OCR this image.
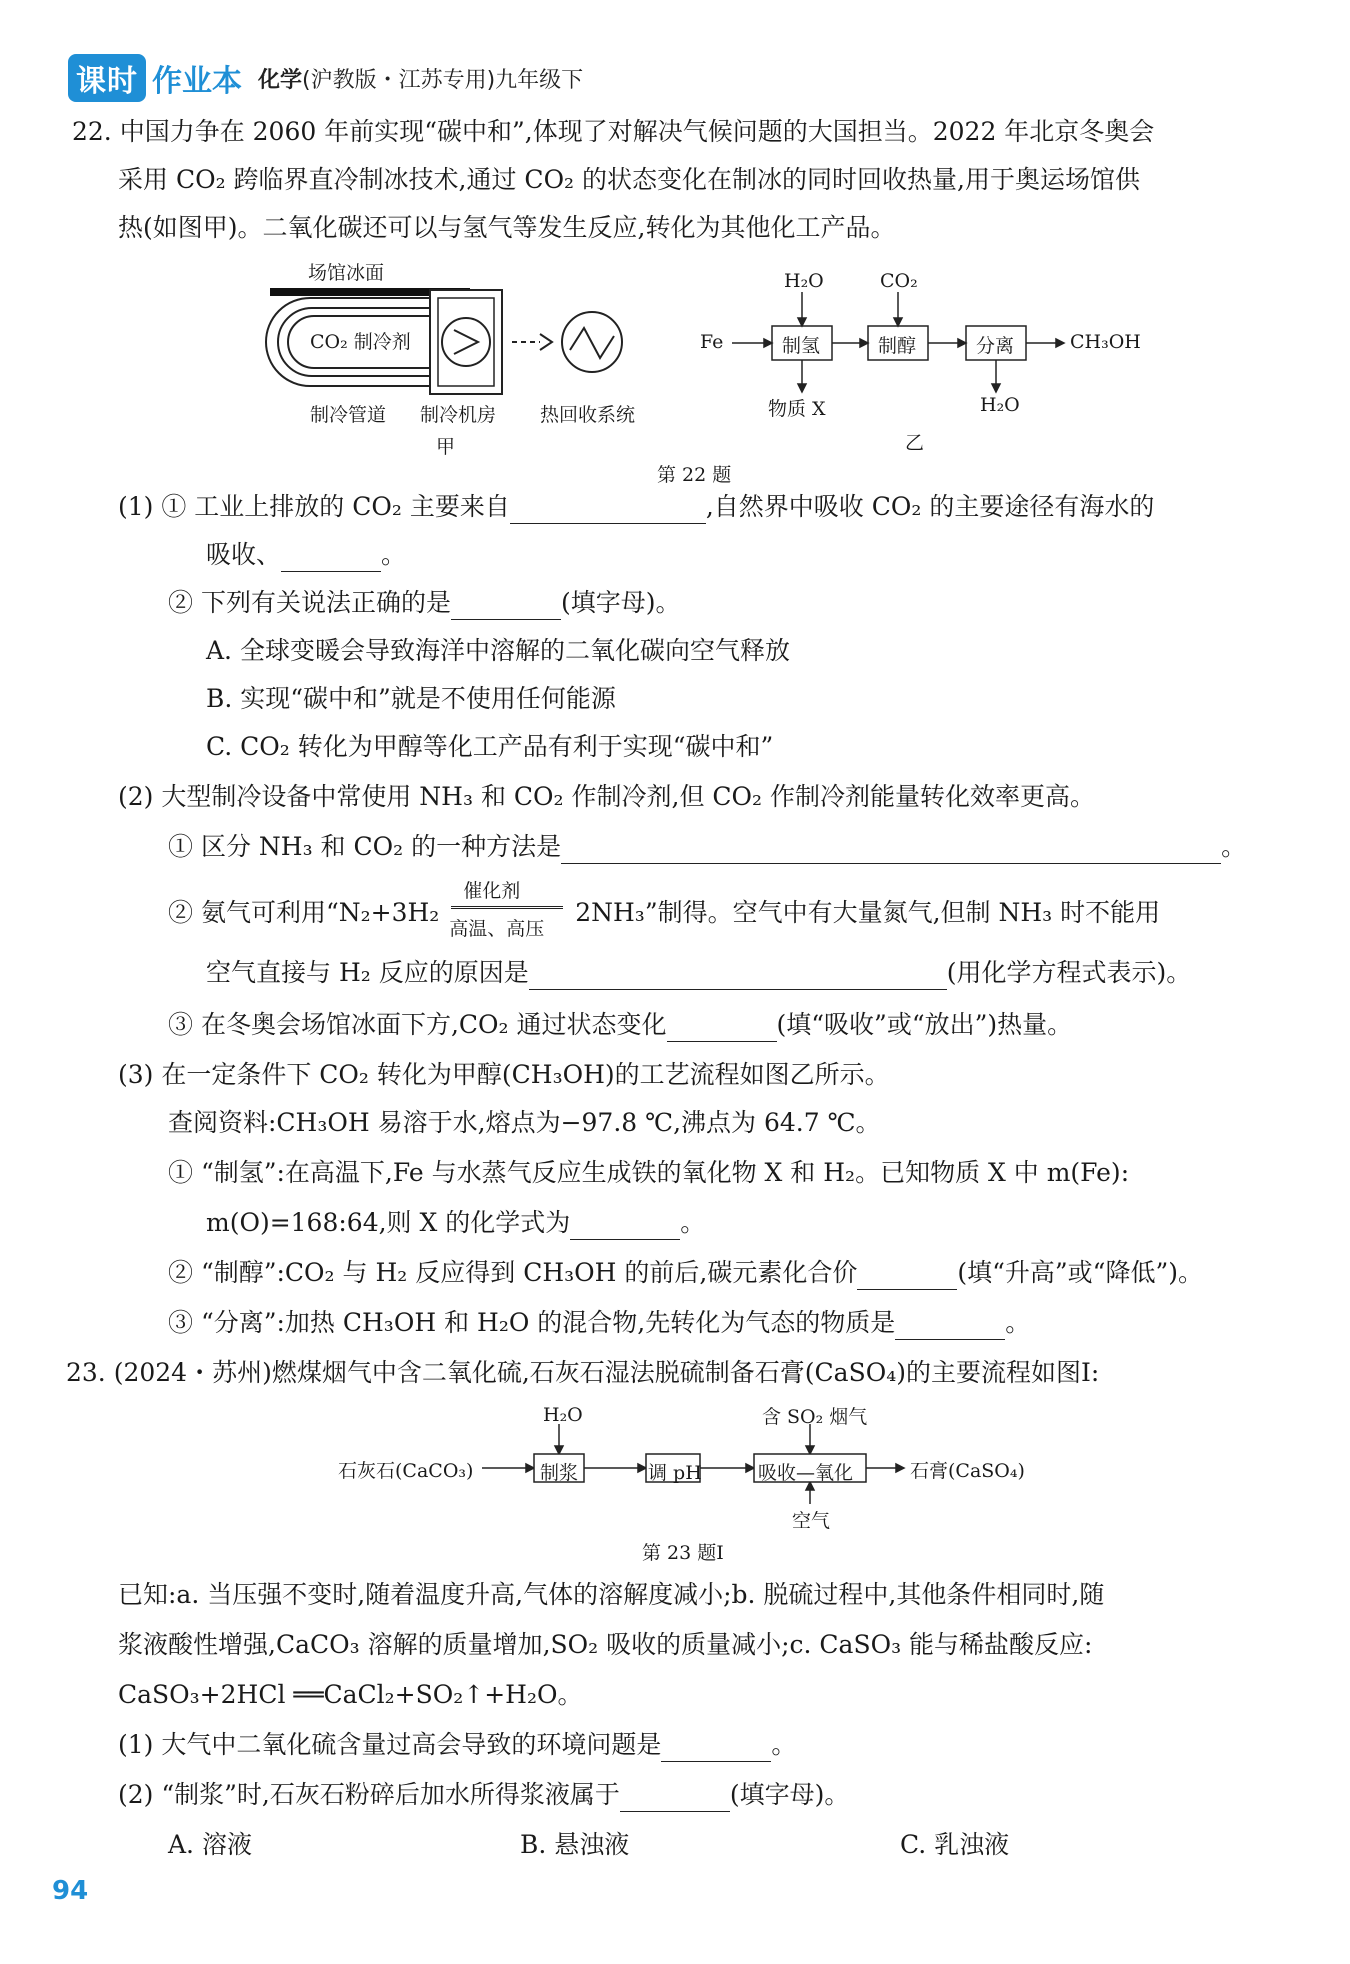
课时 作业本 化学(沪教版・江苏专用)九年级下
22. 中国力争在 2060 年前实现“碳中和”,体现了对解决气候问题的大国担当。2022 年北京冬奥会
采用 CO₂ 跨临界直冷制冰技术,通过 CO₂ 的状态变化在制冰的同时回收热量,用于奥运场馆供
热(如图甲)。二氧化碳还可以与氢气等发生反应,转化为其他化工产品。
场馆冰面
CO₂ 制冷剂
制冷管道 制冷机房 热回收系统
甲
Fe
H₂O	CO₂
制氢	制醇	分离	CH₃OH
物质 X	H₂O
乙
第 22 题
(1) ① 工业上排放的 CO₂ 主要来自	,自然界中吸收 CO₂ 的主要途径有海水的
吸收、	。
② 下列有关说法正确的是	(填字母)。
A. 全球变暖会导致海洋中溶解的二氧化碳向空气释放
B. 实现“碳中和”就是不使用任何能源
C. CO₂ 转化为甲醇等化工产品有利于实现“碳中和”
(2) 大型制冷设备中常使用 NH₃ 和 CO₂ 作制冷剂,但 CO₂ 作制冷剂能量转化效率更高。
① 区分 NH₃ 和 CO₂ 的一种方法是	。
② 氨气可利用“N₂+3H₂
催化剂
高温、高压
2NH₃”制得。空气中有大量氮气,但制 NH₃ 时不能用
空气直接与 H₂ 反应的原因是	(用化学方程式表示)。
③ 在冬奥会场馆冰面下方,CO₂ 通过状态变化	(填“吸收”或“放出”)热量。
(3) 在一定条件下 CO₂ 转化为甲醇(CH₃OH)的工艺流程如图乙所示。
查阅资料:CH₃OH 易溶于水,熔点为−97.8 ℃,沸点为 64.7 ℃。
① “制氢”:在高温下,Fe 与水蒸气反应生成铁的氧化物 X 和 H₂。已知物质 X 中 m(Fe):
m(O)=168:64,则 X 的化学式为	。
② “制醇”:CO₂ 与 H₂ 反应得到 CH₃OH 的前后,碳元素化合价	(填“升高”或“降低”)。
③ “分离”:加热 CH₃OH 和 H₂O 的混合物,先转化为气态的物质是	。
23. (2024・苏州)燃煤烟气中含二氧化硫,石灰石湿法脱硫制备石膏(CaSO₄)的主要流程如图Ⅰ:
石灰石(CaCO₃)
H₂O
制浆	调 pH	吸收—氧化
含 SO₂ 烟气
空气
石膏(CaSO₄)
第 23 题Ⅰ
已知:a. 当压强不变时,随着温度升高,气体的溶解度减小;b. 脱硫过程中,其他条件相同时,随
浆液酸性增强,CaCO₃ 溶解的质量增加,SO₂ 吸收的质量减小;c. CaSO₃ 能与稀盐酸反应:
CaSO₃+2HCl ══CaCl₂+SO₂↑+H₂O。
(1) 大气中二氧化硫含量过高会导致的环境问题是	。
(2) “制浆”时,石灰石粉碎后加水所得浆液属于	(填字母)。
A. 溶液	B. 悬浊液	C. 乳浊液
94
